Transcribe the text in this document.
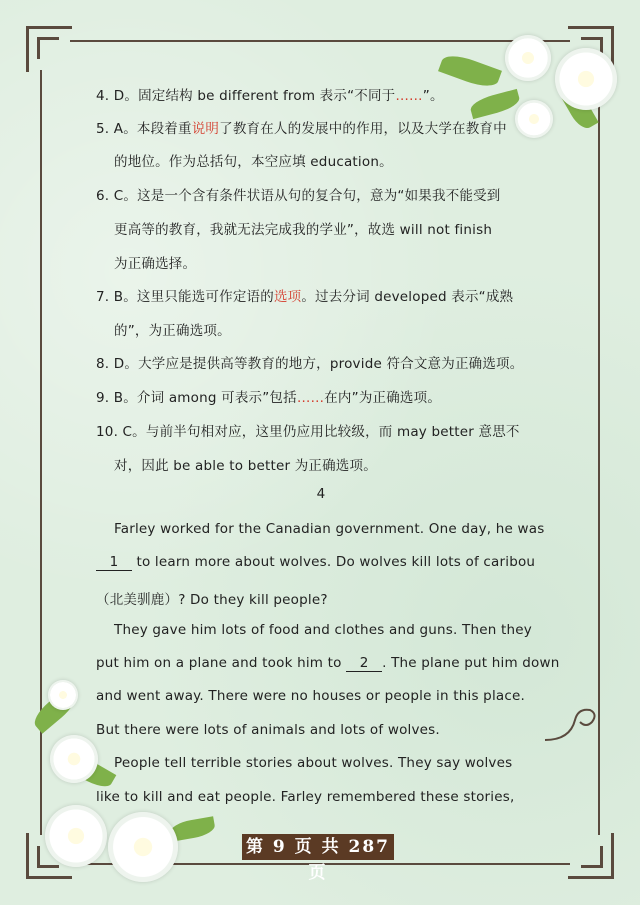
4. D。固定结构 be different from 表示“不同于……”。
5. A。本段着重说明了教育在人的发展中的作用，以及大学在教育中
的地位。作为总括句，本空应填 education。
6. C。这是一个含有条件状语从句的复合句，意为“如果我不能受到
更高等的教育，我就无法完成我的学业”，故选 will not finish
为正确选择。
7. B。这里只能选可作定语的选项。过去分词 developed 表示“成熟
的”，为正确选项。
8. D。大学应是提供高等教育的地方，provide 符合文意为正确选项。
9. B。介词 among 可表示”包括……在内”为正确选项。
10. C。与前半句相对应，这里仍应用比较级，而 may better 意思不
对，因此 be able to better 为正确选项。
4
Farley worked for the Canadian government. One day, he was
1 to learn more about wolves. Do wolves kill lots of caribou
（北美驯鹿）? Do they kill people?
They gave him lots of food and clothes and guns. Then they
put him on a plane and took him to 2 . The plane put him down
and went away. There were no houses or people in this place.
But there were lots of animals and lots of wolves.
People tell terrible stories about wolves. They say wolves
like to kill and eat people. Farley remembered these stories,
第 9 页 共 287 页
